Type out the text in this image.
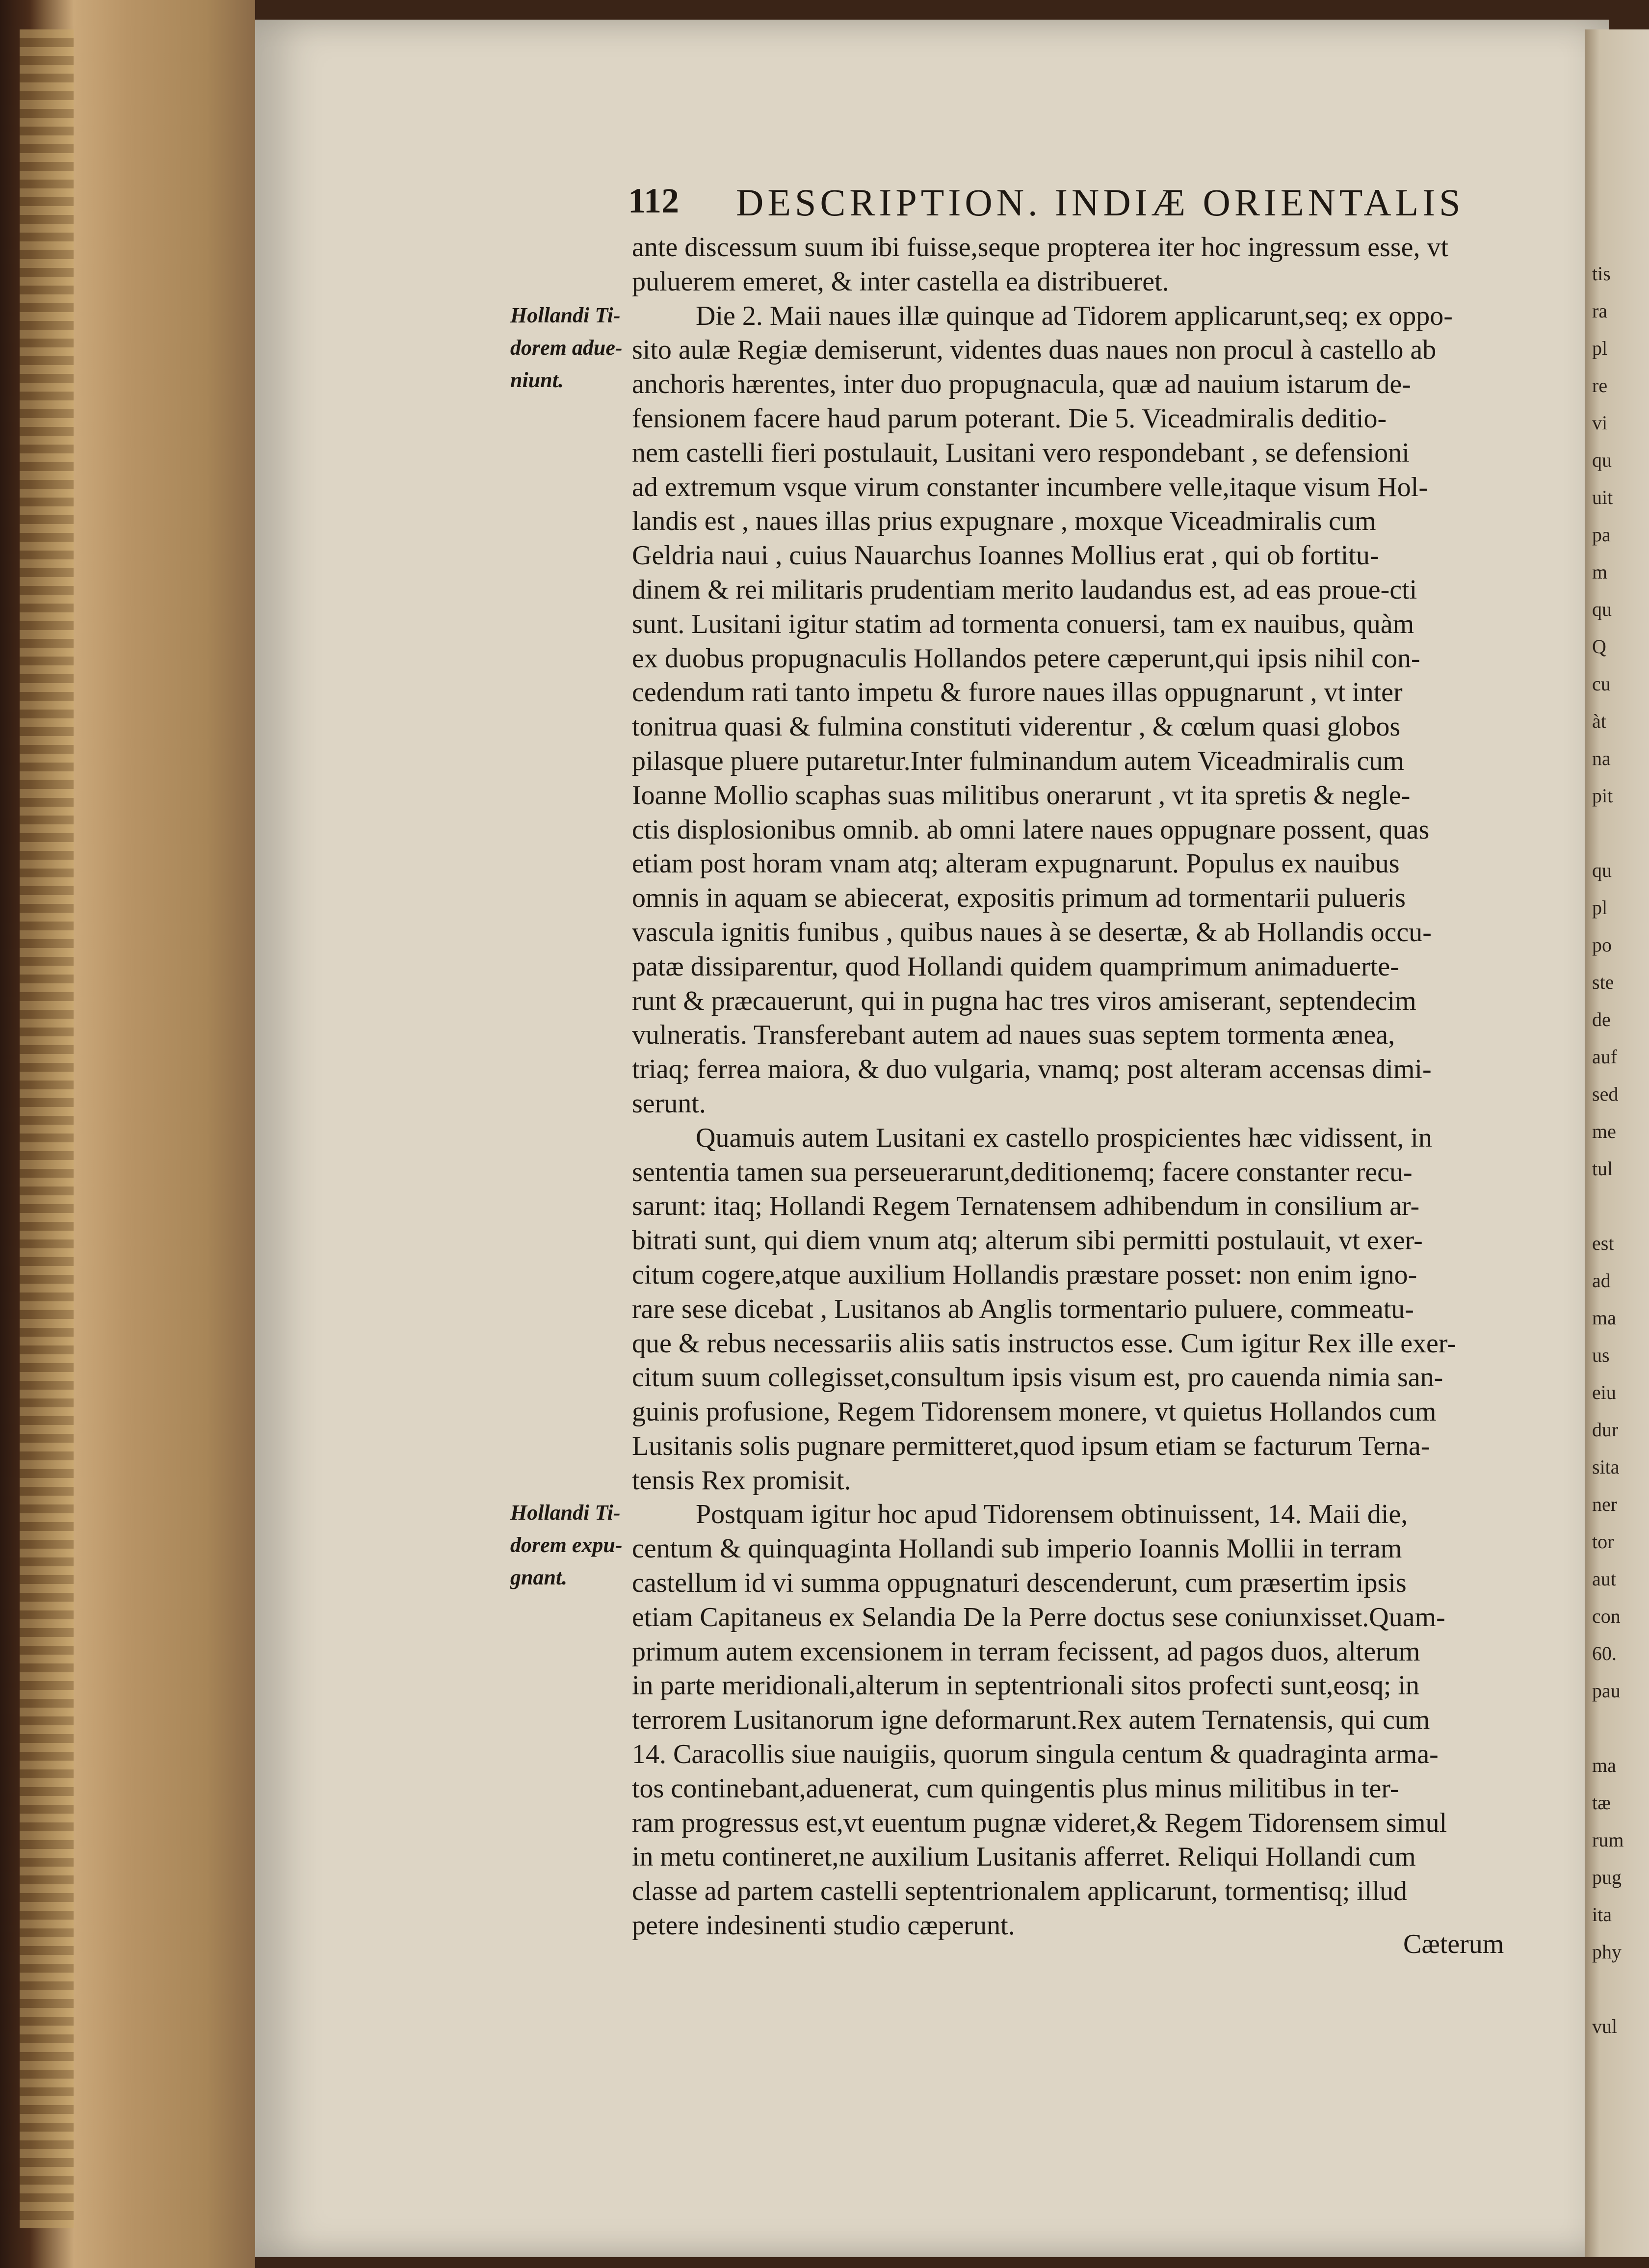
tis
ra
pl
re
vi
qu
uit
pa
m
qu
Q
cu
àt
na
pit
qu
pl
po
ste
de
auf
sed
me
tul
est
ad
ma
us
eiu
dur
sita
ner
tor
aut
con
60.
pau
ma
tæ
rum
pug
ita
phy
vul
112 DESCRIPTION. INDIÆ ORIENTALIS
Hollandi Ti-
dorem adue-
niunt.
Hollandi Ti-
dorem expu-
gnant.
ante discessum suum ibi fuisse,seque propterea iter hoc ingressum esse, vt
puluerem emeret, & inter castella ea distribueret.
Die 2. Maii naues illæ quinque ad Tidorem applicarunt,seq; ex oppo-
sito aulæ Regiæ demiserunt, videntes duas naues non procul à castello ab
anchoris hærentes, inter duo propugnacula, quæ ad nauium istarum de-
fensionem facere haud parum poterant. Die 5. Viceadmiralis deditio-
nem castelli fieri postulauit, Lusitani vero respondebant , se defensioni
ad extremum vsque virum constanter incumbere velle,itaque visum Hol-
landis est , naues illas prius expugnare , moxque Viceadmiralis cum
Geldria naui , cuius Nauarchus Ioannes Mollius erat , qui ob fortitu-
dinem & rei militaris prudentiam merito laudandus est, ad eas proue-cti
sunt. Lusitani igitur statim ad tormenta conuersi, tam ex nauibus, quàm
ex duobus propugnaculis Hollandos petere cæperunt,qui ipsis nihil con-
cedendum rati tanto impetu & furore naues illas oppugnarunt , vt inter
tonitrua quasi & fulmina constituti viderentur , & cœlum quasi globos
pilasque pluere putaretur.Inter fulminandum autem Viceadmiralis cum
Ioanne Mollio scaphas suas militibus onerarunt , vt ita spretis & negle-
ctis displosionibus omnib. ab omni latere naues oppugnare possent, quas
etiam post horam vnam atq; alteram expugnarunt. Populus ex nauibus
omnis in aquam se abiecerat, expositis primum ad tormentarii pulueris
vascula ignitis funibus , quibus naues à se desertæ, & ab Hollandis occu-
patæ dissiparentur, quod Hollandi quidem quamprimum animaduerte-
runt & præcauerunt, qui in pugna hac tres viros amiserant, septendecim
vulneratis. Transferebant autem ad naues suas septem tormenta ænea,
triaq; ferrea maiora, & duo vulgaria, vnamq; post alteram accensas dimi-
serunt.
Quamuis autem Lusitani ex castello prospicientes hæc vidissent, in
sententia tamen sua perseuerarunt,deditionemq; facere constanter recu-
sarunt: itaq; Hollandi Regem Ternatensem adhibendum in consilium ar-
bitrati sunt, qui diem vnum atq; alterum sibi permitti postulauit, vt exer-
citum cogere,atque auxilium Hollandis præstare posset: non enim igno-
rare sese dicebat , Lusitanos ab Anglis tormentario puluere, commeatu-
que & rebus necessariis aliis satis instructos esse. Cum igitur Rex ille exer-
citum suum collegisset,consultum ipsis visum est, pro cauenda nimia san-
guinis profusione, Regem Tidorensem monere, vt quietus Hollandos cum
Lusitanis solis pugnare permitteret,quod ipsum etiam se facturum Terna-
tensis Rex promisit.
Postquam igitur hoc apud Tidorensem obtinuissent, 14. Maii die,
centum & quinquaginta Hollandi sub imperio Ioannis Mollii in terram
castellum id vi summa oppugnaturi descenderunt, cum præsertim ipsis
etiam Capitaneus ex Selandia De la Perre doctus sese coniunxisset.Quam-
primum autem excensionem in terram fecissent, ad pagos duos, alterum
in parte meridionali,alterum in septentrionali sitos profecti sunt,eosq; in
terrorem Lusitanorum igne deformarunt.Rex autem Ternatensis, qui cum
14. Caracollis siue nauigiis, quorum singula centum & quadraginta arma-
tos continebant,aduenerat, cum quingentis plus minus militibus in ter-
ram progressus est,vt euentum pugnæ videret,& Regem Tidorensem simul
in metu contineret,ne auxilium Lusitanis afferret. Reliqui Hollandi cum
classe ad partem castelli septentrionalem applicarunt, tormentisq; illud
petere indesinenti studio cæperunt.
Cæterum
